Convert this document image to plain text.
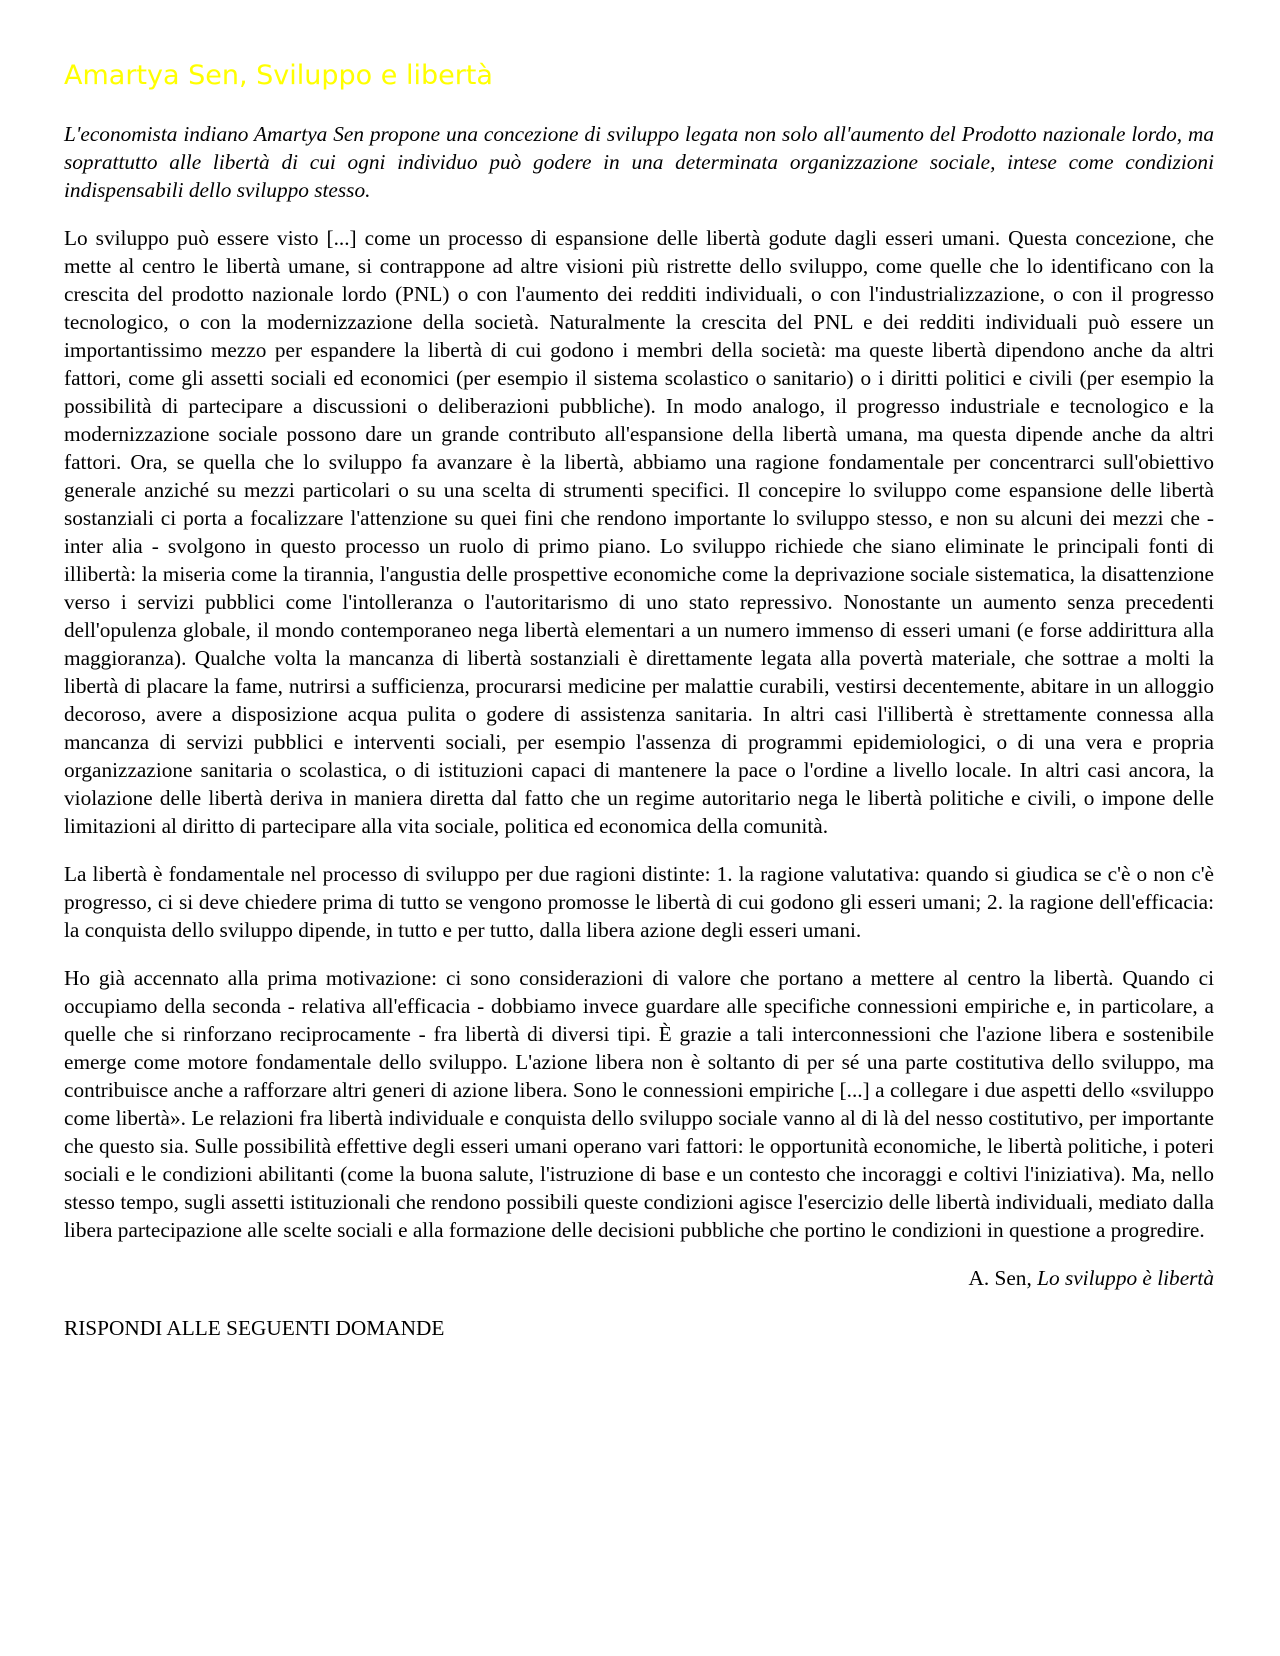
Amartya Sen, Sviluppo e libertà

L'economista indiano Amartya Sen propone una concezione di sviluppo legata non solo all'aumento del Prodotto nazionale lordo, ma soprattutto alle libertà di cui ogni individuo può godere in una determinata organizzazione sociale, intese come condizioni indispensabili dello sviluppo stesso.

Lo sviluppo può essere visto [...] come un processo di espansione delle libertà godute dagli esseri umani. Questa concezione, che mette al centro le libertà umane, si contrappone ad altre visioni più ristrette dello sviluppo, come quelle che lo identificano con la crescita del prodotto nazionale lordo (PNL) o con l'aumento dei redditi individuali, o con l'industrializzazione, o con il progresso tecnologico, o con la modernizzazione della società. Naturalmente la crescita del PNL e dei redditi individuali può essere un importantissimo mezzo per espandere la libertà di cui godono i membri della società: ma queste libertà dipendono anche da altri fattori, come gli assetti sociali ed economici (per esempio il sistema scolastico o sanitario) o i diritti politici e civili (per esempio la possibilità di partecipare a discussioni o deliberazioni pubbliche). In modo analogo, il progresso industriale e tecnologico e la modernizzazione sociale possono dare un grande contributo all'espansione della libertà umana, ma questa dipende anche da altri fattori. Ora, se quella che lo sviluppo fa avanzare è la libertà, abbiamo una ragione fondamentale per concentrarci sull'obiettivo generale anziché su mezzi particolari o su una scelta di strumenti specifici. Il concepire lo sviluppo come espansione delle libertà sostanziali ci porta a focalizzare l'attenzione su quei fini che rendono importante lo sviluppo stesso, e non su alcuni dei mezzi che - inter alia - svolgono in questo processo un ruolo di primo piano. Lo sviluppo richiede che siano eliminate le principali fonti di illibertà: la miseria come la tirannia, l'angustia delle prospettive economiche come la deprivazione sociale sistematica, la disattenzione verso i servizi pubblici come l'intolleranza o l'autoritarismo di uno stato repressivo. Nonostante un aumento senza precedenti dell'opulenza globale, il mondo contemporaneo nega libertà elementari a un numero immenso di esseri umani (e forse addirittura alla maggioranza). Qualche volta la mancanza di libertà sostanziali è direttamente legata alla povertà materiale, che sottrae a molti la libertà di placare la fame, nutrirsi a sufficienza, procurarsi medicine per malattie curabili, vestirsi decentemente, abitare in un alloggio decoroso, avere a disposizione acqua pulita o godere di assistenza sanitaria. In altri casi l'illibertà è strettamente connessa alla mancanza di servizi pubblici e interventi sociali, per esempio l'assenza di programmi epidemiologici, o di una vera e propria organizzazione sanitaria o scolastica, o di istituzioni capaci di mantenere la pace o l'ordine a livello locale. In altri casi ancora, la violazione delle libertà deriva in maniera diretta dal fatto che un regime autoritario nega le libertà politiche e civili, o impone delle limitazioni al diritto di partecipare alla vita sociale, politica ed economica della comunità.

La libertà è fondamentale nel processo di sviluppo per due ragioni distinte: 1. la ragione valutativa: quando si giudica se c'è o non c'è progresso, ci si deve chiedere prima di tutto se vengono promosse le libertà di cui godono gli esseri umani; 2. la ragione dell'efficacia: la conquista dello sviluppo dipende, in tutto e per tutto, dalla libera azione degli esseri umani.

Ho già accennato alla prima motivazione: ci sono considerazioni di valore che portano a mettere al centro la libertà. Quando ci occupiamo della seconda - relativa all'efficacia - dobbiamo invece guardare alle specifiche connessioni empiriche e, in particolare, a quelle che si rinforzano reciprocamente - fra libertà di diversi tipi. È grazie a tali interconnessioni che l'azione libera e sostenibile emerge come motore fondamentale dello sviluppo. L'azione libera non è soltanto di per sé una parte costitutiva dello sviluppo, ma contribuisce anche a rafforzare altri generi di azione libera. Sono le connessioni empiriche [...] a collegare i due aspetti dello «sviluppo come libertà». Le relazioni fra libertà individuale e conquista dello sviluppo sociale vanno al di là del nesso costitutivo, per importante che questo sia. Sulle possibilità effettive degli esseri umani operano vari fattori: le opportunità economiche, le libertà politiche, i poteri sociali e le condizioni abilitanti (come la buona salute, l'istruzione di base e un contesto che incoraggi e coltivi l'iniziativa). Ma, nello stesso tempo, sugli assetti istituzionali che rendono possibili queste condizioni agisce l'esercizio delle libertà individuali, mediato dalla libera partecipazione alle scelte sociali e alla formazione delle decisioni pubbliche che portino le condizioni in questione a progredire.

A. Sen, Lo sviluppo è libertà

RISPONDI ALLE SEGUENTI DOMANDE
